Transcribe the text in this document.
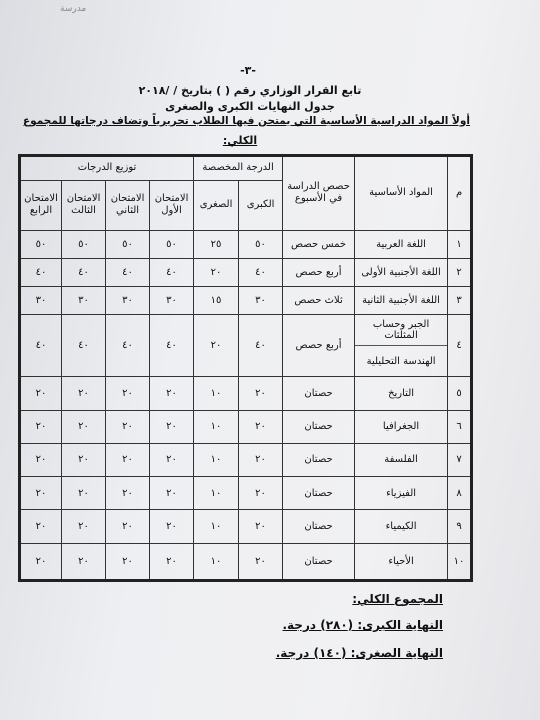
مدرسة
-٣-
تابع القرار الوزاري رقم ( ) بتاريخ / /٢٠١٨
جدول النهايات الكبرى والصغرى
أولاً المواد الدراسية الأساسية التي يمتحن فيها الطلاب تحريرياً وتضاف درجاتها للمجموع
الكلي:
م	المواد الأساسية	حصص الدراسة في الأسبوع	الدرجة المخصصة		توزيع الدرجات			
			الكبرى	الصغرى	الامتحان الأول	الامتحان الثاني	الامتحان الثالث	الامتحان الرابع
١	اللغة العربية	خمس حصص	٥٠	٢٥	٥٠	٥٠	٥٠	٥٠
٢	اللغة الأجنبية الأولى	أربع حصص	٤٠	٢٠	٤٠	٤٠	٤٠	٤٠
٣	اللغة الأجنبية الثانية	ثلاث حصص	٣٠	١٥	٣٠	٣٠	٣٠	٣٠
٤	الجبر وحساب المثلثات
الهندسة التحليلية	أربع حصص	٤٠	٢٠	٤٠	٤٠	٤٠	٤٠
٥	التاريخ	حصتان	٢٠	١٠	٢٠	٢٠	٢٠	٢٠
٦	الجغرافيا	حصتان	٢٠	١٠	٢٠	٢٠	٢٠	٢٠
٧	الفلسفة	حصتان	٢٠	١٠	٢٠	٢٠	٢٠	٢٠
٨	الفيزياء	حصتان	٢٠	١٠	٢٠	٢٠	٢٠	٢٠
٩	الكيمياء	حصتان	٢٠	١٠	٢٠	٢٠	٢٠	٢٠
١٠	الأحياء	حصتان	٢٠	١٠	٢٠	٢٠	٢٠	٢٠
المجموع الكلي:
النهاية الكبرى: (٢٨٠) درجة.
النهاية الصغرى: (١٤٠) درجة.
